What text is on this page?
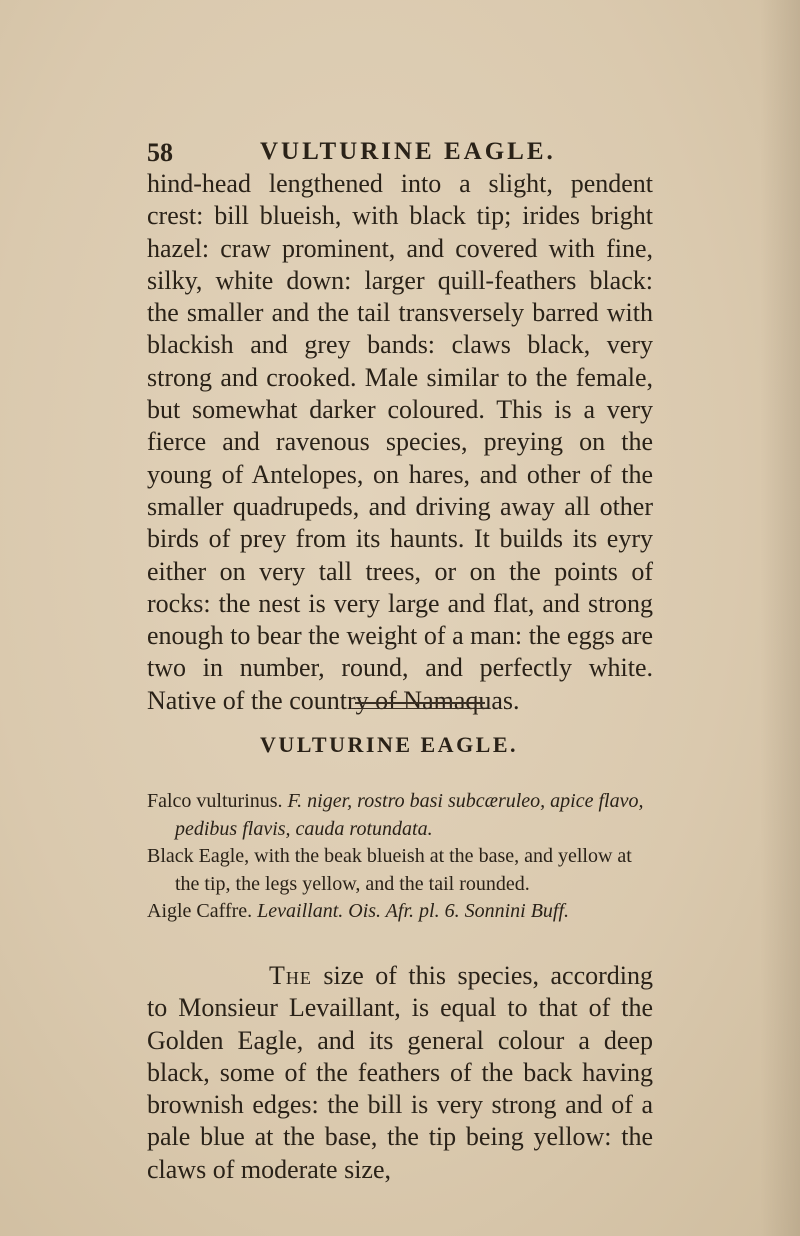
58	VULTURINE EAGLE.

hind-head lengthened into a slight, pendent crest: bill blueish, with black tip; irides bright hazel: craw prominent, and covered with fine, silky, white down: larger quill-feathers black: the smaller and the tail transversely barred with blackish and grey bands: claws black, very strong and crooked. Male similar to the female, but somewhat darker coloured. This is a very fierce and ravenous species, preying on the young of Antelopes, on hares, and other of the smaller quadrupeds, and driving away all other birds of prey from its haunts. It builds its eyry either on very tall trees, or on the points of rocks: the nest is very large and flat, and strong enough to bear the weight of a man: the eggs are two in number, round, and perfectly white. Native of the country of Namaquas.

VULTURINE EAGLE.

Falco vulturinus. F. niger, rostro basi subcæruleo, apice flavo, pedibus flavis, cauda rotundata.

Black Eagle, with the beak blueish at the base, and yellow at the tip, the legs yellow, and the tail rounded.

Aigle Caffre. Levaillant. Ois. Afr. pl. 6. Sonnini Buff.

The size of this species, according to Monsieur Levaillant, is equal to that of the Golden Eagle, and its general colour a deep black, some of the feathers of the back having brownish edges: the bill is very strong and of a pale blue at the base, the tip being yellow: the claws of moderate size,
